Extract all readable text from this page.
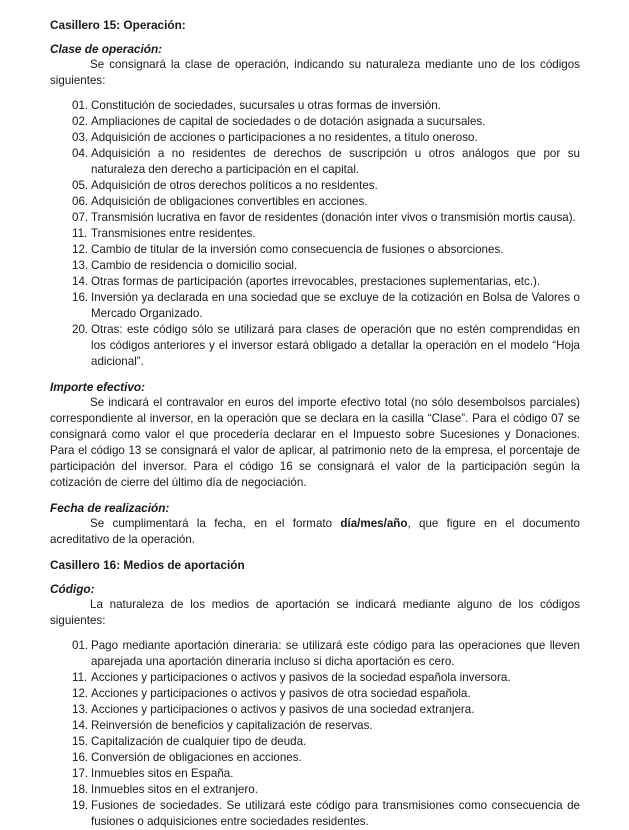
Casillero 15: Operación:
Clase de operación:

Se consignará la clase de operación, indicando su naturaleza mediante uno de los códigos siguientes:

01. Constitución de sociedades, sucursales u otras formas de inversión.
02. Ampliaciones de capital de sociedades o de dotación asignada a sucursales.
03. Adquisición de acciones o participaciones a no residentes, a título oneroso.
04. Adquisición a no residentes de derechos de suscripción u otros análogos que por su naturaleza den derecho a participación en el capital.
05. Adquisición de otros derechos políticos a no residentes.
06. Adquisición de obligaciones convertibles en acciones.
07. Transmisión lucrativa en favor de residentes (donación inter vivos o transmisión mortis causa).
11. Transmisiones entre residentes.
12. Cambio de titular de la inversión como consecuencia de fusiones o absorciones.
13. Cambio de residencia o domicilio social.
14. Otras formas de participación (aportes irrevocables, prestaciones suplementarias, etc.).
16. Inversión ya declarada en una sociedad que se excluye de la cotización en Bolsa de Valores o Mercado Organizado.
20. Otras: este código sólo se utilizará para clases de operación que no estén comprendidas en los códigos anteriores y el inversor estará obligado a detallar la operación en el modelo “Hoja adicional”.
Importe efectivo:

Se indicará el contravalor en euros del importe efectivo total (no sólo desembolsos parciales) correspondiente al inversor, en la operación que se declara en la casilla “Clase”. Para el código 07 se consignará como valor el que procedería declarar en el Impuesto sobre Sucesiones y Donaciones. Para el código 13 se consignará el valor de aplicar, al patrimonio neto de la empresa, el porcentaje de participación del inversor. Para el código 16 se consignará el valor de la participación según la cotización de cierre del último día de negociación.

Fecha de realización:

Se cumplimentará la fecha, en el formato día/mes/año, que figure en el documento acreditativo de la operación.

Casillero 16: Medios de aportación
Código:

La naturaleza de los medios de aportación se indicará mediante alguno de los códigos siguientes:

01. Pago mediante aportación dineraria: se utilizará este código para las operaciones que lleven aparejada una aportación dineraria incluso si dicha aportación es cero.
11. Acciones y participaciones o activos y pasivos de la sociedad española inversora.
12. Acciones y participaciones o activos y pasivos de otra sociedad española.
13. Acciones y participaciones o activos y pasivos de una sociedad extranjera.
14. Reinversión de beneficios y capitalización de reservas.
15. Capitalización de cualquier tipo de deuda.
16. Conversión de obligaciones en acciones.
17. Inmuebles sitos en España.
18. Inmuebles sitos en el extranjero.
19. Fusiones de sociedades. Se utilizará este código para transmisiones como consecuencia de fusiones o adquisiciones entre sociedades residentes.
